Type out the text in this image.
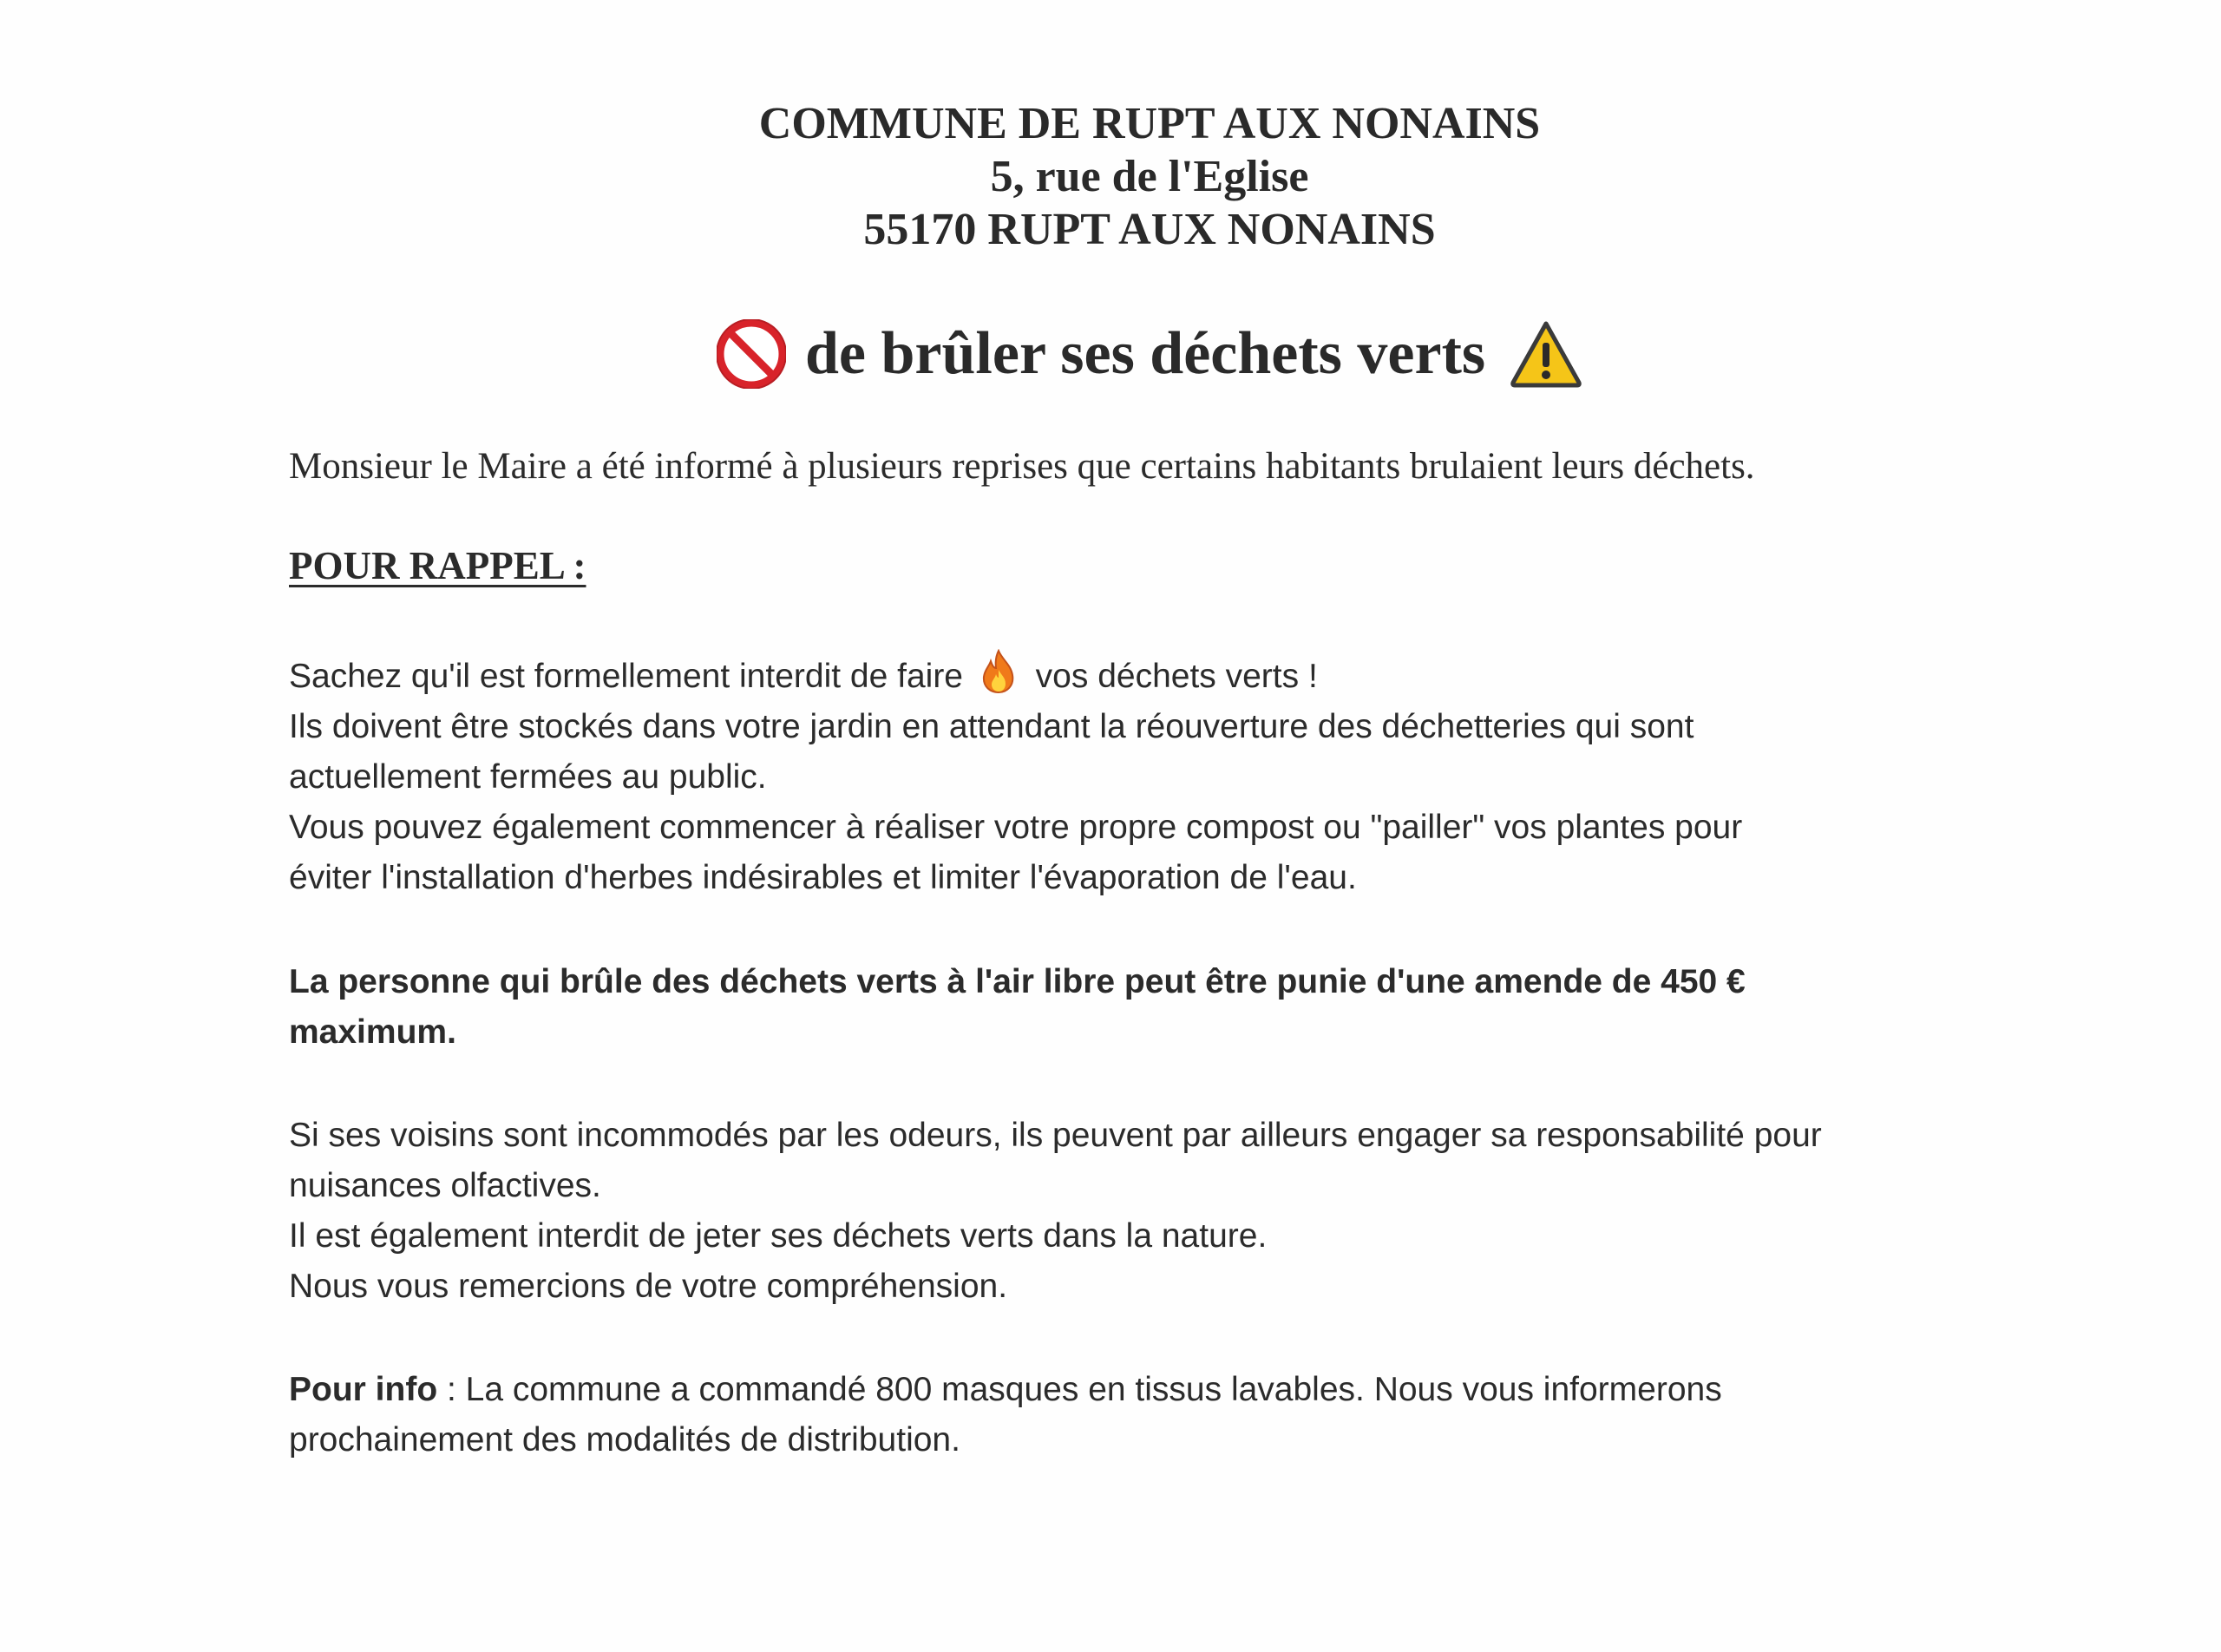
COMMUNE DE RUPT AUX NONAINS
5, rue de l'Eglise
55170 RUPT AUX NONAINS
de brûler ses déchets verts
Monsieur le Maire a été informé à plusieurs reprises que certains habitants brulaient leurs déchets.
POUR RAPPEL :
Sachez qu'il est formellement interdit de faire  vos déchets verts !
Ils doivent être stockés dans votre jardin en attendant la réouverture des déchetteries qui sont
actuellement fermées au public.
Vous pouvez également commencer à réaliser votre propre compost ou "pailler" vos plantes pour
éviter l'installation d'herbes indésirables et limiter l'évaporation de l'eau.
La personne qui brûle des déchets verts à l'air libre peut être punie d'une amende de 450 €
maximum.
Si ses voisins sont incommodés par les odeurs, ils peuvent par ailleurs engager sa responsabilité pour
nuisances olfactives.
Il est également interdit de jeter ses déchets verts dans la nature.
Nous vous remercions de votre compréhension.
Pour info : La commune a commandé 800 masques en tissus lavables. Nous vous informerons
prochainement des modalités de distribution.
